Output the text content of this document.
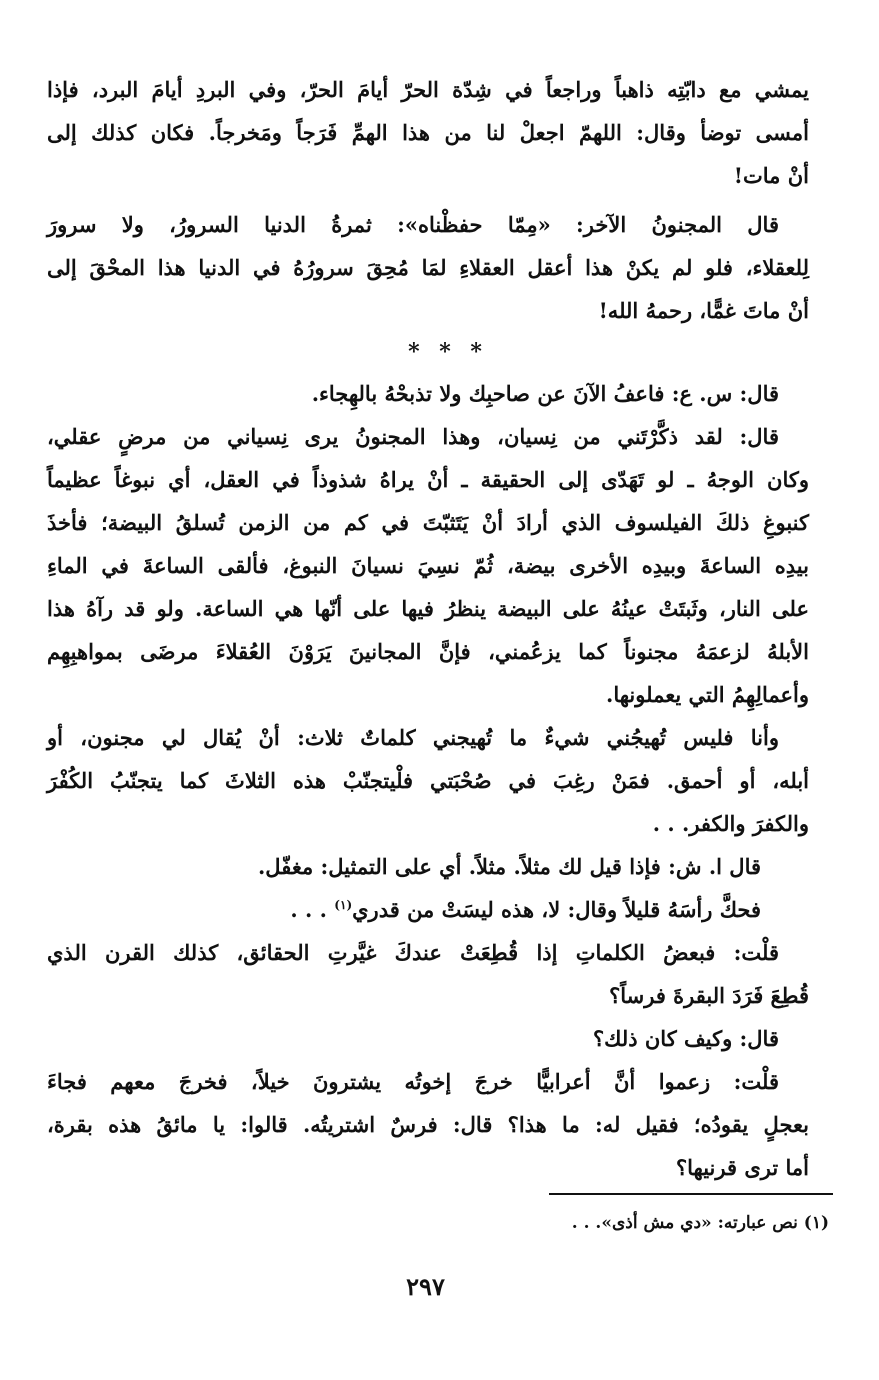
يمشي مع دابّتِه ذاهباً وراجعاً في شِدّة الحرّ أيامَ الحرّ، وفي البردِ أيامَ البرد، فإذا
أمسى توضأ وقال: اللهمّ اجعلْ لنا من هذا الهمِّ فَرَجاً ومَخرجاً. فكان كذلك إلى
أنْ مات!
قال المجنونُ الآخر: «مِمّا حفظْناه»: ثمرةُ الدنيا السرورُ، ولا سرورَ
لِلعقلاء، فلو لم يكنْ هذا أعقل العقلاءِ لمَا مُحِقَ سرورُهُ في الدنيا هذا المحْقَ إلى
أنْ ماتَ غمًّا، رحمهُ الله!
* * *
قال: س. ع: فاعفُ الآنَ عن صاحبِك ولا تذبحْهُ بالهِجاء.
قال: لقد ذكَّرْتَني من نِسيان، وهذا المجنونُ يرى نِسياني من مرضٍ عقلي،
وكان الوجهُ ـ لو تَهَدّى إلى الحقيقة ـ أنْ يراهُ شذوذاً في العقل، أي نبوغاً عظيماً
كنبوغِ ذلكَ الفيلسوف الذي أرادَ أنْ يَتَثبّتَ في كم من الزمن تُسلقُ البيضة؛ فأخذَ
بيدِه الساعةَ وبيدِه الأخرى بيضة، ثُمّ نسِيَ نسيانَ النبوغ، فألقى الساعةَ في الماءِ
على النار، وثَبتَتْ عينُهُ على البيضة ينظرُ فيها على أنّها هي الساعة. ولو قد رآهُ هذا
الأبلهُ لزعمَهُ مجنوناً كما يزعُمني، فإنَّ المجانينَ يَرَوْنَ العُقلاءَ مرضَى بمواهبِهِم
وأعمالِهِمُ التي يعملونها.
وأنا فليس تُهيجُني شيءٌ ما تُهيجني كلماتٌ ثلاث: أنْ يُقال لي مجنون، أو
أبله، أو أحمق. فمَنْ رغِبَ في صُحْبَتي فلْيتجنّبْ هذه الثلاثَ كما يتجنّبُ الكُفْرَ
والكفرَ والكفر. . .
قال ا. ش: فإذا قيل لك مثلاً. مثلاً. أي على التمثيل: مغفّل.
فحكَّ رأسَهُ قليلاً وقال: لا، هذه ليسَتْ من قدري$^{(١)}$ . . .
قلْت: فبعضُ الكلماتِ إذا قُطِعَتْ عندكَ غيَّرتِ الحقائق، كذلك القرن الذي
قُطِعَ فَرَدَ البقرةَ فرساً؟
قال: وكيف كان ذلك؟
قلْت: زعموا أنَّ أعرابيًّا خرجَ إخوتُه يشترونَ خيلاً، فخرجَ معهم فجاءَ
بعجلٍ يقودُه؛ فقيل له: ما هذا؟ قال: فرسٌ اشتريتُه. قالوا: يا مائقُ هذه بقرة،
أما ترى قرنيها؟
(١) نص عبارته: «دي مش أذى». . .
٢٩٧
